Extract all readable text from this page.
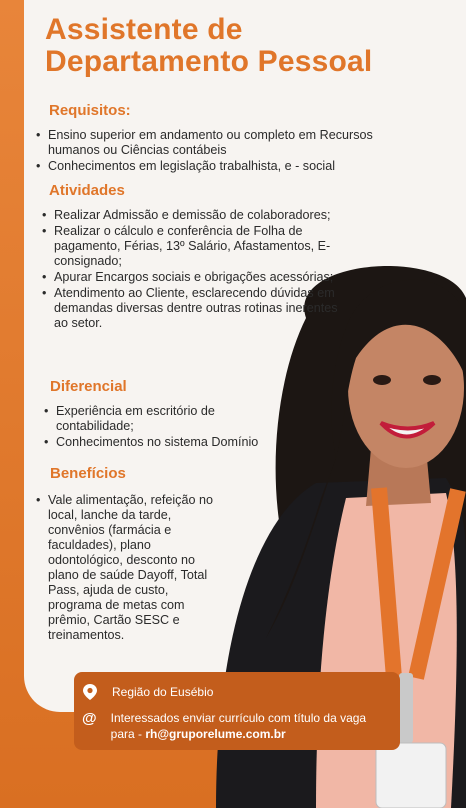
Assistente de
Departamento Pessoal
Requisitos:
• Ensino superior em andamento ou completo em Recursos humanos ou Ciências contábeis
• Conhecimentos em legislação trabalhista, e - social
Atividades
• Realizar Admissão e demissão de colaboradores;
• Realizar o cálculo e conferência de Folha de pagamento, Férias, 13º Salário, Afastamentos, E-consignado;
• Apurar Encargos sociais e obrigações acessórias;
• Atendimento ao Cliente, esclarecendo dúvidas em demandas diversas dentre outras rotinas inerentes ao setor.
Diferencial
• Experiência em escritório de contabilidade;
• Conhecimentos no sistema Domínio
Benefícios
• Vale alimentação, refeição no local, lanche da tarde, convênios (farmácia e faculdades), plano odontológico, desconto no plano de saúde Dayoff, Total Pass, ajuda de custo, programa de metas com prêmio, Cartão SESC e treinamentos.
Região do Eusébio
@ Interessados enviar currículo com título da vaga para - rh@gruporelume.com.br
